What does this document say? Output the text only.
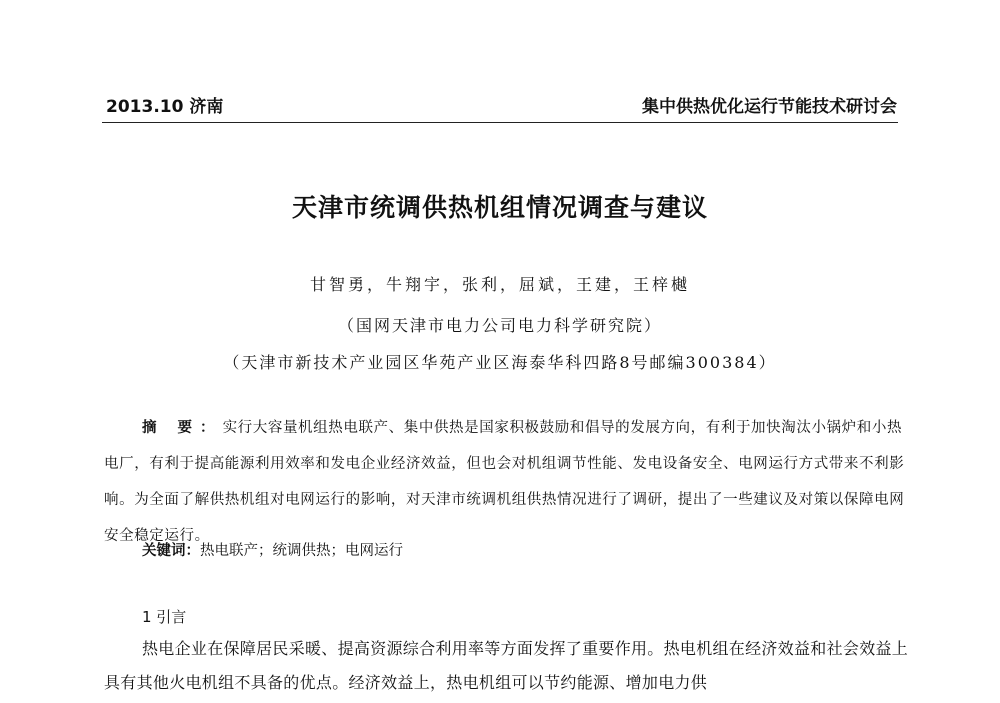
2013.10 济南	集中供热优化运行节能技术研讨会
天津市统调供热机组情况调查与建议
甘智勇，牛翔宇，张利，屈斌，王建，王梓樾
（国网天津市电力公司电力科学研究院）
（天津市新技术产业园区华苑产业区海泰华科四路8号邮编300384）
摘 要：实行大容量机组热电联产、集中供热是国家积极鼓励和倡导的发展方向，有利于加快淘汰小锅炉和小热电厂，有利于提高能源利用效率和发电企业经济效益，但也会对机组调节性能、发电设备安全、电网运行方式带来不利影响。为全面了解供热机组对电网运行的影响，对天津市统调机组供热情况进行了调研，提出了一些建议及对策以保障电网安全稳定运行。
关键词：热电联产；统调供热；电网运行
1 引言
热电企业在保障居民采暖、提高资源综合利用率等方面发挥了重要作用。热电机组在经济效益和社会效益上具有其他火电机组不具备的优点。经济效益上，热电机组可以节约能源、增加电力供
